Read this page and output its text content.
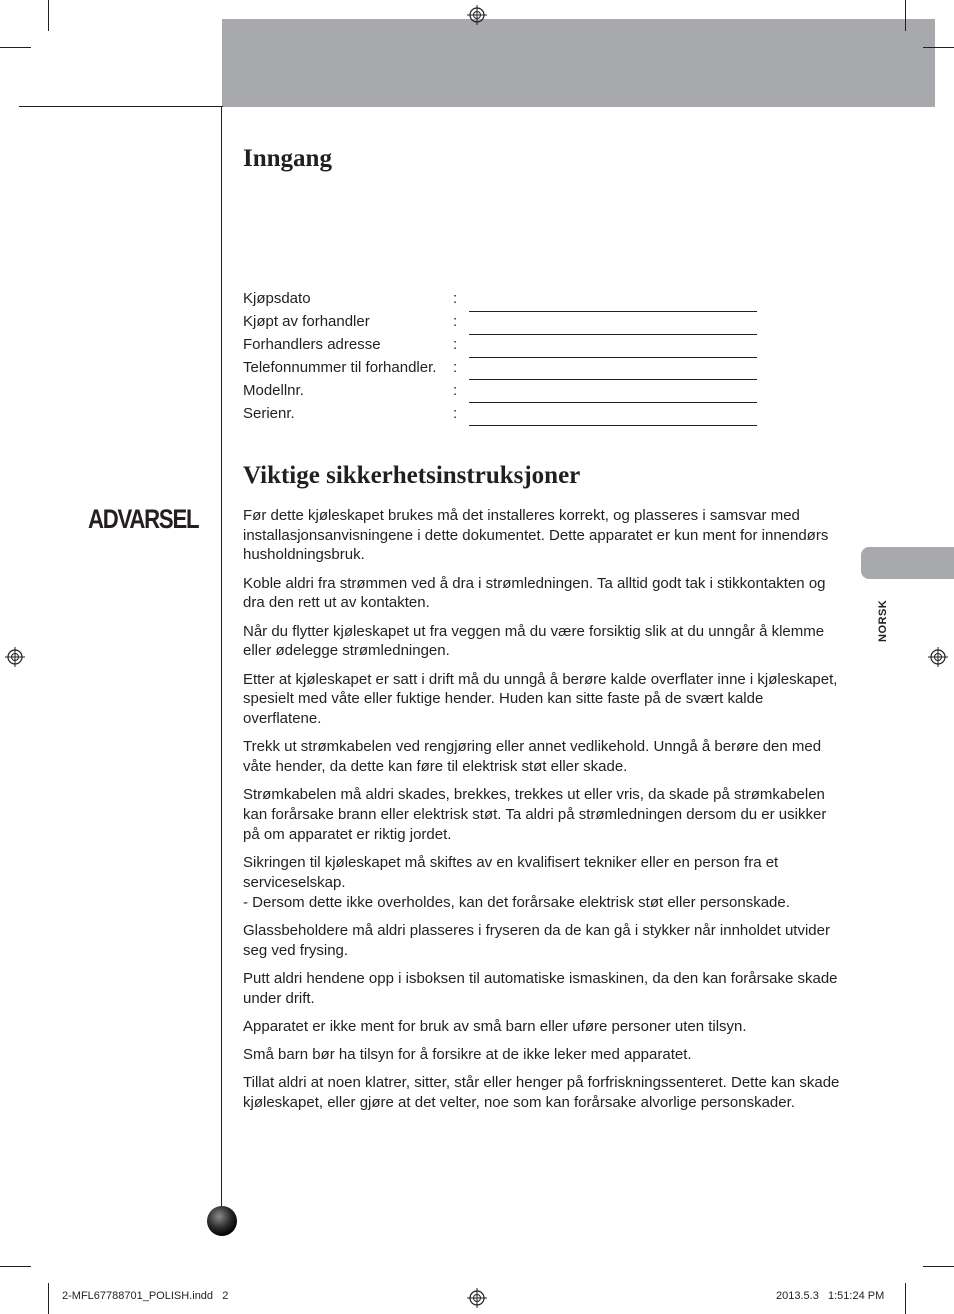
Inngang
Kjøpsdato	:
Kjøpt av forhandler	:
Forhandlers adresse	:
Telefonnummer til forhandler. :
Modellnr.	:
Serienr.	:
Viktige sikkerhetsinstruksjoner
ADVARSEL	Før dette kjøleskapet brukes må det installeres korrekt, og plasseres i samsvar med installasjonsanvisningene i dette dokumentet. Dette apparatet er kun ment for innendørs husholdningsbruk.

Koble aldri fra strømmen ved å dra i strømledningen. Ta alltid godt tak i stikkontakten og dra den rett ut av kontakten.

Når du flytter kjøleskapet ut fra veggen må du være forsiktig slik at du unngår å klemme eller ødelegge strømledningen.

Etter at kjøleskapet er satt i drift må du unngå å berøre kalde overflater inne i kjøleskapet, spesielt med våte eller fuktige hender. Huden kan sitte faste på de svært kalde overflatene.

Trekk ut strømkabelen ved rengjøring eller annet vedlikehold. Unngå å berøre den med våte hender, da dette kan føre til elektrisk støt eller skade.

Strømkabelen må aldri skades, brekkes, trekkes ut eller vris, da skade på strømkabelen kan forårsake brann eller elektrisk støt. Ta aldri på strømledningen dersom du er usikker på om apparatet er riktig jordet.

Sikringen til kjøleskapet må skiftes av en kvalifisert tekniker eller en person fra et serviceselskap.
- Dersom dette ikke overholdes, kan det forårsake elektrisk støt eller personskade.

Glassbeholdere må aldri plasseres i fryseren da de kan gå i stykker når innholdet utvider seg ved frysing.

Putt aldri hendene opp i isboksen til automatiske ismaskinen, da den kan forårsake skade under drift.

Apparatet er ikke ment for bruk av små barn eller uføre personer uten tilsyn.

Små barn bør ha tilsyn for å forsikre at de ikke leker med apparatet.

Tillat aldri at noen klatrer, sitter, står eller henger på forfriskningssenteret. Dette kan skade kjøleskapet, eller gjøre at det velter, noe som kan forårsake alvorlige personskader.

NORSK
2-MFL67788701_POLISH.indd   2	2013.5.3   1:51:24 PM
